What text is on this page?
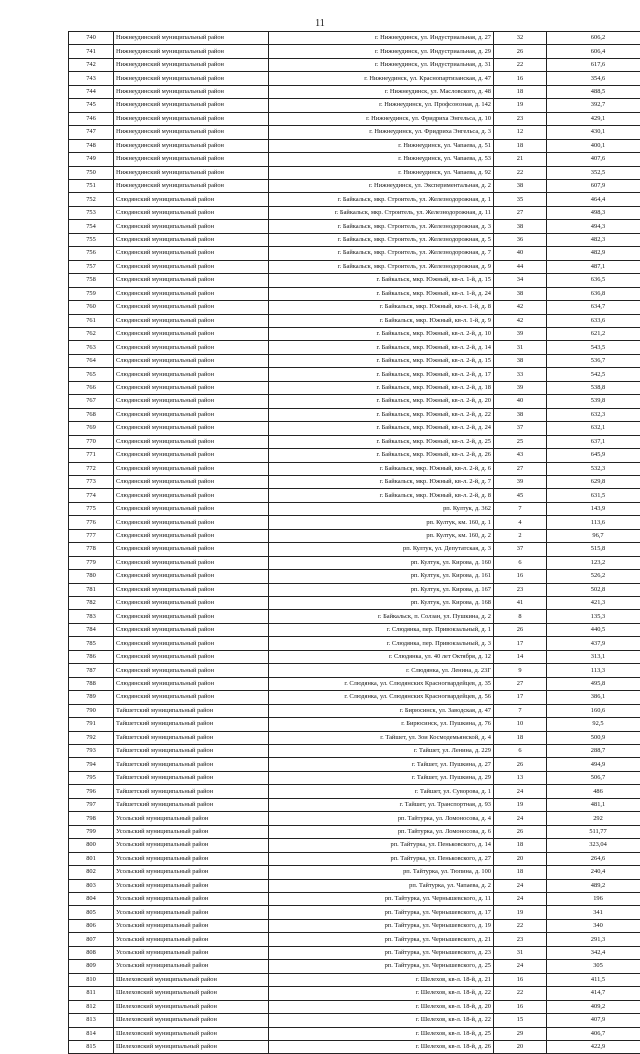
11
740	Нижнеудинский муниципальный район	г. Нижнеудинск, ул. Индустриальная, д. 27	32	606,2
741	Нижнеудинский муниципальный район	г. Нижнеудинск, ул. Индустриальная, д. 29	26	606,4
742	Нижнеудинский муниципальный район	г. Нижнеудинск, ул. Индустриальная, д. 31	22	617,6
743	Нижнеудинский муниципальный район	г. Нижнеудинск, ул. Краснопартизанская, д. 47	16	354,6
744	Нижнеудинский муниципальный район	г. Нижнеудинск, ул. Масловского, д. 48	18	488,5
745	Нижнеудинский муниципальный район	г. Нижнеудинск, ул. Профсоюзная, д. 142	19	392,7
746	Нижнеудинский муниципальный район	г. Нижнеудинск, ул. Фридриха Энгельса, д. 10	23	429,1
747	Нижнеудинский муниципальный район	г. Нижнеудинск, ул. Фридриха Энгельса, д. 3	12	430,1
748	Нижнеудинский муниципальный район	г. Нижнеудинск, ул. Чапаева, д. 51	18	400,1
749	Нижнеудинский муниципальный район	г. Нижнеудинск, ул. Чапаева, д. 53	21	407,6
750	Нижнеудинский муниципальный район	г. Нижнеудинск, ул. Чапаева, д. 92	22	352,5
751	Нижнеудинский муниципальный район	г. Нижнеудинск, ул. Экспериментальная, д. 2	38	607,9
752	Слюдянский муниципальный район	г. Байкальск, мкр. Строитель, ул. Железнодорожная, д. 1	35	464,4
753	Слюдянский муниципальный район	г. Байкальск, мкр. Строитель, ул. Железнодорожная, д. 11	27	498,3
754	Слюдянский муниципальный район	г. Байкальск, мкр. Строитель, ул. Железнодорожная, д. 3	38	494,3
755	Слюдянский муниципальный район	г. Байкальск, мкр. Строитель, ул. Железнодорожная, д. 5	36	482,3
756	Слюдянский муниципальный район	г. Байкальск, мкр. Строитель, ул. Железнодорожная, д. 7	40	482,9
757	Слюдянский муниципальный район	г. Байкальск, мкр. Строитель, ул. Железнодорожная, д. 9	44	487,1
758	Слюдянский муниципальный район	г. Байкальск, мкр. Южный, кв-л. 1-й, д. 15	34	636,5
759	Слюдянский муниципальный район	г. Байкальск, мкр. Южный, кв-л. 1-й, д. 24	38	636,8
760	Слюдянский муниципальный район	г. Байкальск, мкр. Южный, кв-л. 1-й, д. 8	42	634,7
761	Слюдянский муниципальный район	г. Байкальск, мкр. Южный, кв-л. 1-й, д. 9	42	633,6
762	Слюдянский муниципальный район	г. Байкальск, мкр. Южный, кв-л. 2-й, д. 10	39	621,2
763	Слюдянский муниципальный район	г. Байкальск, мкр. Южный, кв-л. 2-й, д. 14	31	543,5
764	Слюдянский муниципальный район	г. Байкальск, мкр. Южный, кв-л. 2-й, д. 15	38	536,7
765	Слюдянский муниципальный район	г. Байкальск, мкр. Южный, кв-л. 2-й, д. 17	33	542,5
766	Слюдянский муниципальный район	г. Байкальск, мкр. Южный, кв-л. 2-й, д. 18	39	538,8
767	Слюдянский муниципальный район	г. Байкальск, мкр. Южный, кв-л. 2-й, д. 20	40	539,8
768	Слюдянский муниципальный район	г. Байкальск, мкр. Южный, кв-л. 2-й, д. 22	38	632,3
769	Слюдянский муниципальный район	г. Байкальск, мкр. Южный, кв-л. 2-й, д. 24	37	632,1
770	Слюдянский муниципальный район	г. Байкальск, мкр. Южный, кв-л. 2-й, д. 25	25	637,1
771	Слюдянский муниципальный район	г. Байкальск, мкр. Южный, кв-л. 2-й, д. 26	43	645,9
772	Слюдянский муниципальный район	г. Байкальск, мкр. Южный, кв-л. 2-й, д. 6	27	532,3
773	Слюдянский муниципальный район	г. Байкальск, мкр. Южный, кв-л. 2-й, д. 7	39	629,8
774	Слюдянский муниципальный район	г. Байкальск, мкр. Южный, кв-л. 2-й, д. 8	45	631,5
775	Слюдянский муниципальный район	рп. Култук, д. 362	7	143,9
776	Слюдянский муниципальный район	рп. Култук, км. 160, д. 1	4	113,6
777	Слюдянский муниципальный район	рп. Култук, км. 160, д. 2	2	96,7
778	Слюдянский муниципальный район	рп. Култук, ул. Депутатская, д. 3	37	515,8
779	Слюдянский муниципальный район	рп. Култук, ул. Кирова, д. 160	6	123,2
780	Слюдянский муниципальный район	рп. Култук, ул. Кирова, д. 161	16	526,2
781	Слюдянский муниципальный район	рп. Култук, ул. Кирова, д. 167	23	502,8
782	Слюдянский муниципальный район	рп. Култук, ул. Кирова, д. 168	41	421,3
783	Слюдянский муниципальный район	г. Байкальск, п. Солзан, ул. Пушкина, д. 2	8	135,3
784	Слюдянский муниципальный район	г. Слюдянка, пер. Привокзальный, д. 1	26	440,5
785	Слюдянский муниципальный район	г. Слюдянка, пер. Привокзальный, д. 3	17	437,9
786	Слюдянский муниципальный район	г. Слюдянка, ул. 40 лет Октября, д. 12	14	313,1
787	Слюдянский муниципальный район	г. Слюдянка, ул. Ленина, д. 23Г	9	113,3
788	Слюдянский муниципальный район	г. Слюдянка, ул. Слюдянских Красногвардейцев, д. 35	27	495,8
789	Слюдянский муниципальный район	г. Слюдянка, ул. Слюдянских Красногвардейцев, д. 56	17	386,1
790	Тайшетский муниципальный район	г. Бирюсинск, ул. Заводская, д. 47	7	160,6
791	Тайшетский муниципальный район	г. Бирюсинск, ул. Пушкина, д. 76	10	92,5
792	Тайшетский муниципальный район	г. Тайшет, ул. Зои Космодемьянской, д. 4	18	500,9
793	Тайшетский муниципальный район	г. Тайшет, ул. Ленина, д. 229	6	288,7
794	Тайшетский муниципальный район	г. Тайшет, ул. Пушкина, д. 27	26	494,9
795	Тайшетский муниципальный район	г. Тайшет, ул. Пушкина, д. 29	13	506,7
796	Тайшетский муниципальный район	г. Тайшет, ул. Суворова, д. 1	24	486
797	Тайшетский муниципальный район	г. Тайшет, ул. Транспортная, д. 93	19	481,1
798	Усольский муниципальный район	рп. Тайтурка, ул. Ломоносова, д. 4	24	292
799	Усольский муниципальный район	рп. Тайтурка, ул. Ломоносова, д. 6	26	511,77
800	Усольский муниципальный район	рп. Тайтурка, ул. Пеньковского, д. 14	18	323,04
801	Усольский муниципальный район	рп. Тайтурка, ул. Пеньковского, д. 27	20	264,6
802	Усольский муниципальный район	рп. Тайтурка, ул. Тюпина, д. 100	18	240,4
803	Усольский муниципальный район	рп. Тайтурка, ул. Чапаева, д. 2	24	489,2
804	Усольский муниципальный район	рп. Тайтурка, ул. Чернышевского, д. 11	24	196
805	Усольский муниципальный район	рп. Тайтурка, ул. Чернышевского, д. 17	19	341
806	Усольский муниципальный район	рп. Тайтурка, ул. Чернышевского, д. 19	22	340
807	Усольский муниципальный район	рп. Тайтурка, ул. Чернышевского, д. 21	23	291,3
808	Усольский муниципальный район	рп. Тайтурка, ул. Чернышевского, д. 23	31	342,4
809	Усольский муниципальный район	рп. Тайтурка, ул. Чернышевского, д. 25	24	305
810	Шелеховский муниципальный район	г. Шелехов, кв-л. 18-й, д. 21	16	411,5
811	Шелеховский муниципальный район	г. Шелехов, кв-л. 18-й, д. 22	22	414,7
812	Шелеховский муниципальный район	г. Шелехов, кв-л. 18-й, д. 20	16	409,2
813	Шелеховский муниципальный район	г. Шелехов, кв-л. 18-й, д. 22	15	407,9
814	Шелеховский муниципальный район	г. Шелехов, кв-л. 18-й, д. 25	29	406,7
815	Шелеховский муниципальный район	г. Шелехов, кв-л. 18-й, д. 26	20	422,9
